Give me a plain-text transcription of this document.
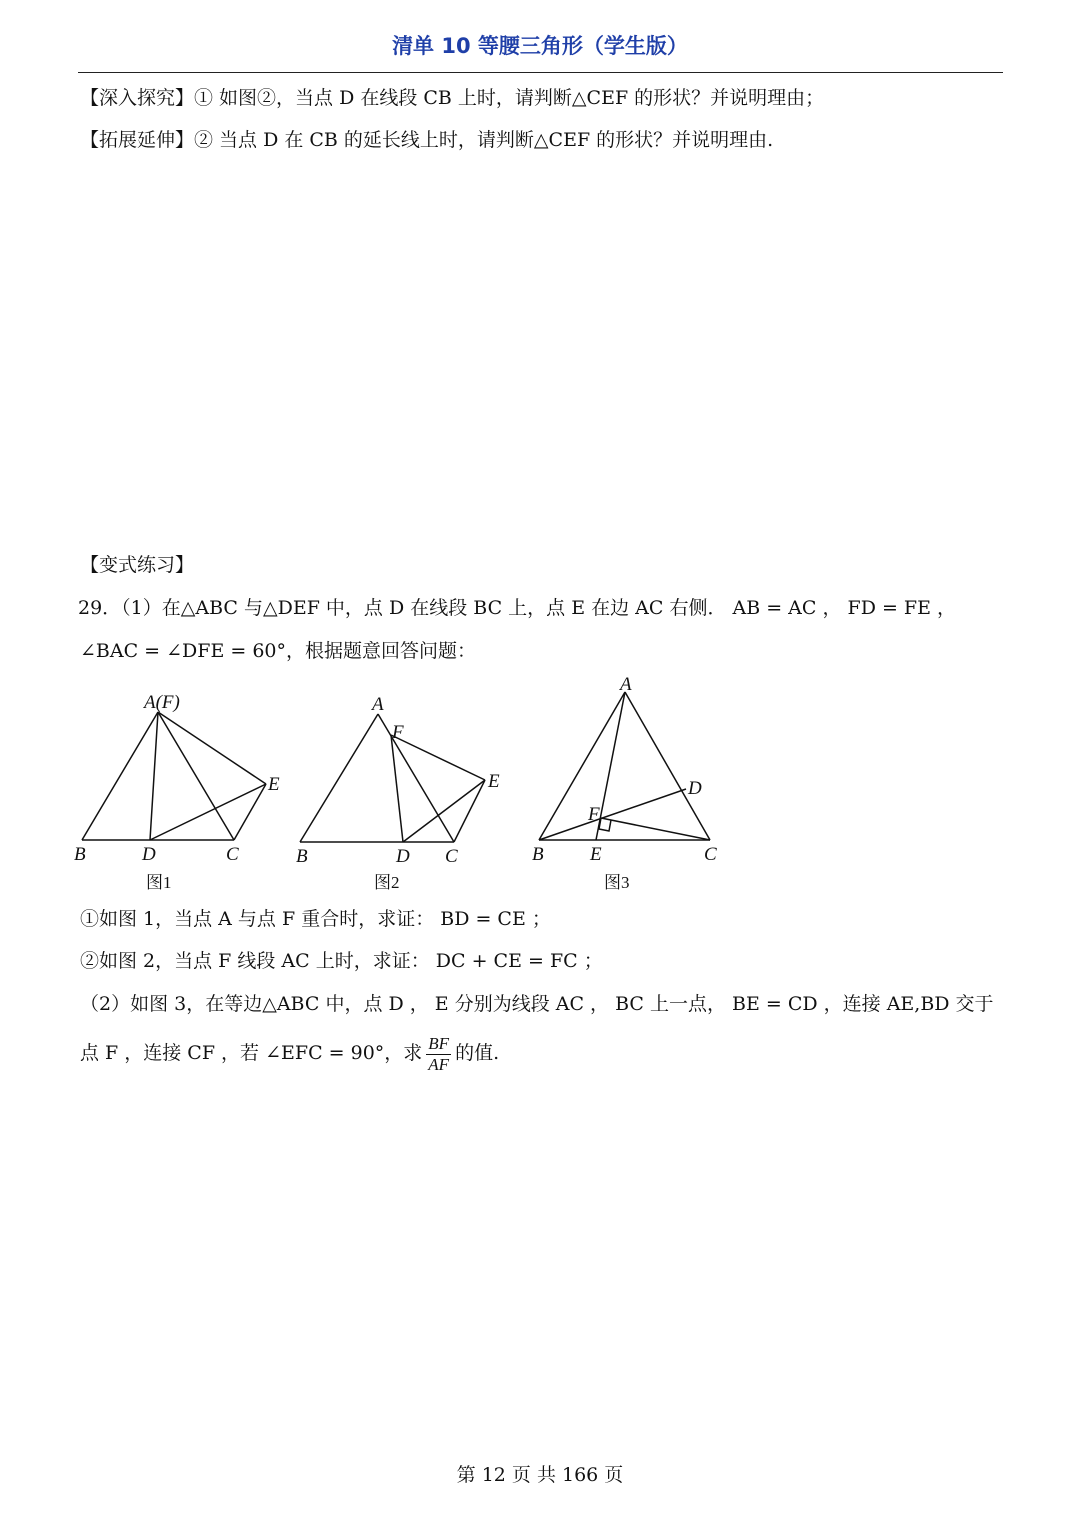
清单 10 等腰三角形（学生版）
【深入探究】① 如图②，当点 D 在线段 CB 上时，请判断△CEF 的形状？并说明理由；
【拓展延伸】② 当点 D 在 CB 的延长线上时，请判断△CEF 的形状？并说明理由.
【变式练习】
29．（1）在△ABC 与△DEF 中，点 D 在线段 BC 上，点 E 在边 AC 右侧． AB = AC ， FD = FE ，
∠BAC = ∠DFE = 60°，根据题意回答问题：
A(F)
B	D	C
E
图1
A
F
E
B	D C
图2
A
D
F
B E	C
图3
①如图 1，当点 A 与点 F 重合时，求证： BD = CE ；
②如图 2，当点 F 线段 AC 上时，求证： DC + CE = FC ；
（2）如图 3，在等边△ABC 中，点 D ， E 分别为线段 AC ， BC 上一点， BE = CD ，连接 AE,BD 交于
点 F ，连接 CF ，若 ∠EFC = 90°，求 $\frac{BF}{AF}$ 的值.
第 12 页 共 166 页
